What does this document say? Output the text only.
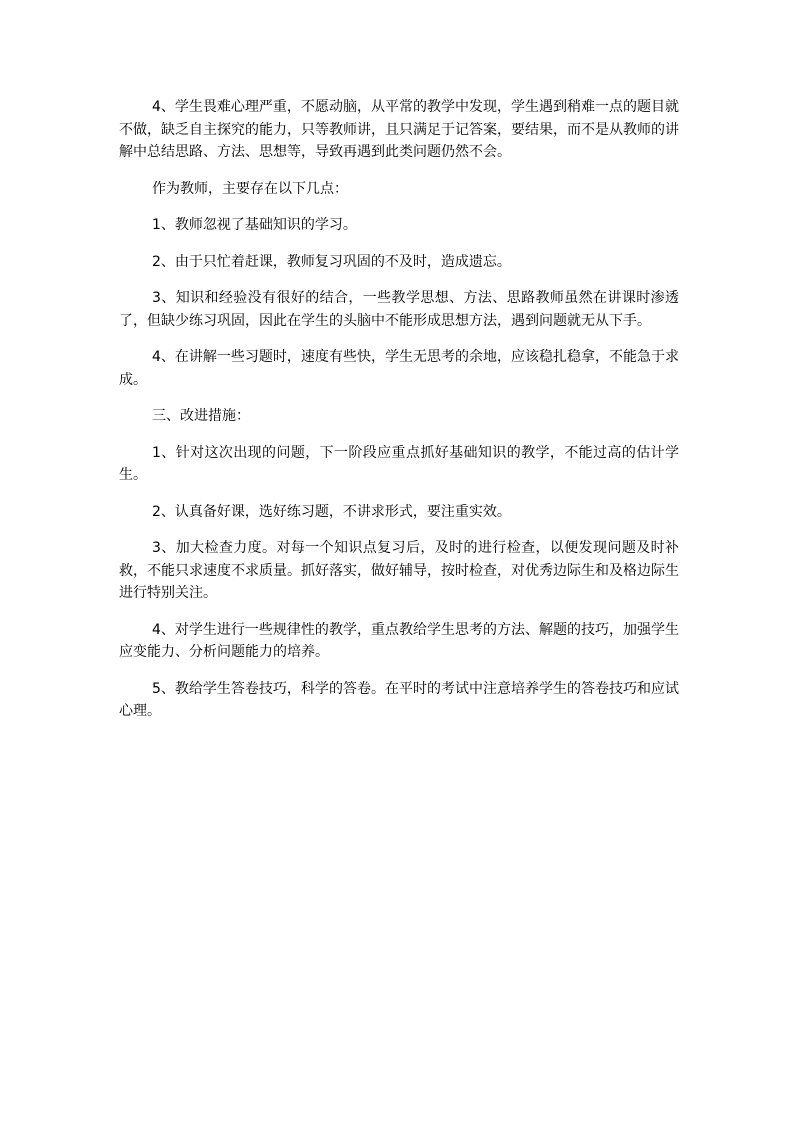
4、学生畏难心理严重，不愿动脑，从平常的教学中发现，学生遇到稍难一点的题目就不做，缺乏自主探究的能力，只等教师讲，且只满足于记答案，要结果，而不是从教师的讲解中总结思路、方法、思想等，导致再遇到此类问题仍然不会。

作为教师，主要存在以下几点：

1、教师忽视了基础知识的学习。

2、由于只忙着赶课，教师复习巩固的不及时，造成遗忘。

3、知识和经验没有很好的结合，一些教学思想、方法、思路教师虽然在讲课时渗透了，但缺少练习巩固，因此在学生的头脑中不能形成思想方法，遇到问题就无从下手。

4、在讲解一些习题时，速度有些快，学生无思考的余地，应该稳扎稳拿，不能急于求成。

三、改进措施：

1、针对这次出现的问题，下一阶段应重点抓好基础知识的教学，不能过高的估计学生。

2、认真备好课，选好练习题，不讲求形式，要注重实效。

3、加大检查力度。对每一个知识点复习后，及时的进行检查，以便发现问题及时补救，不能只求速度不求质量。抓好落实，做好辅导，按时检查，对优秀边际生和及格边际生进行特别关注。

4、对学生进行一些规律性的教学，重点教给学生思考的方法、解题的技巧，加强学生应变能力、分析问题能力的培养。

5、教给学生答卷技巧，科学的答卷。在平时的考试中注意培养学生的答卷技巧和应试心理。
